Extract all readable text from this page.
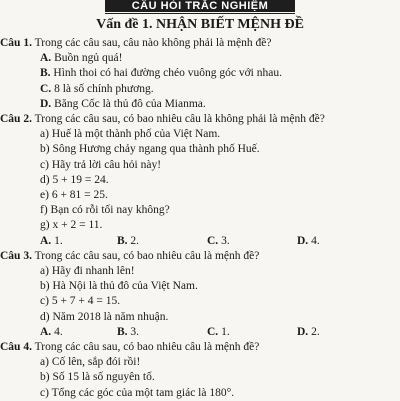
CÂU HỎI TRẮC NGHIỆM
Vấn đề 1. NHẬN BIẾT MỆNH ĐỀ
Câu 1. Trong các câu sau, câu nào không phải là mệnh đề?
A. Buồn ngủ quá!
B. Hình thoi có hai đường chéo vuông góc với nhau.
C. 8 là số chính phương.
D. Băng Cốc là thủ đô của Mianma.
Câu 2. Trong các câu sau, có bao nhiêu câu là không phải là mệnh đề?
a) Huế là một thành phố của Việt Nam.
b) Sông Hương chảy ngang qua thành phố Huế.
c) Hãy trả lời câu hỏi này!
d) 5 + 19 = 24.
e) 6 + 81 = 25.
f) Bạn có rỗi tối nay không?
g) x + 2 = 11.
A. 1.	B. 2.	C. 3.	D. 4.
Câu 3. Trong các câu sau, có bao nhiêu câu là mệnh đề?
a) Hãy đi nhanh lên!
b) Hà Nội là thủ đô của Việt Nam.
c) 5 + 7 + 4 = 15.
d) Năm 2018 là năm nhuận.
A. 4.	B. 3.	C. 1.	D. 2.
Câu 4. Trong các câu sau, có bao nhiêu câu là mệnh đề?
a) Cố lên, sắp đói rồi!
b) Số 15 là số nguyên tố.
c) Tổng các góc của một tam giác là 180°.
